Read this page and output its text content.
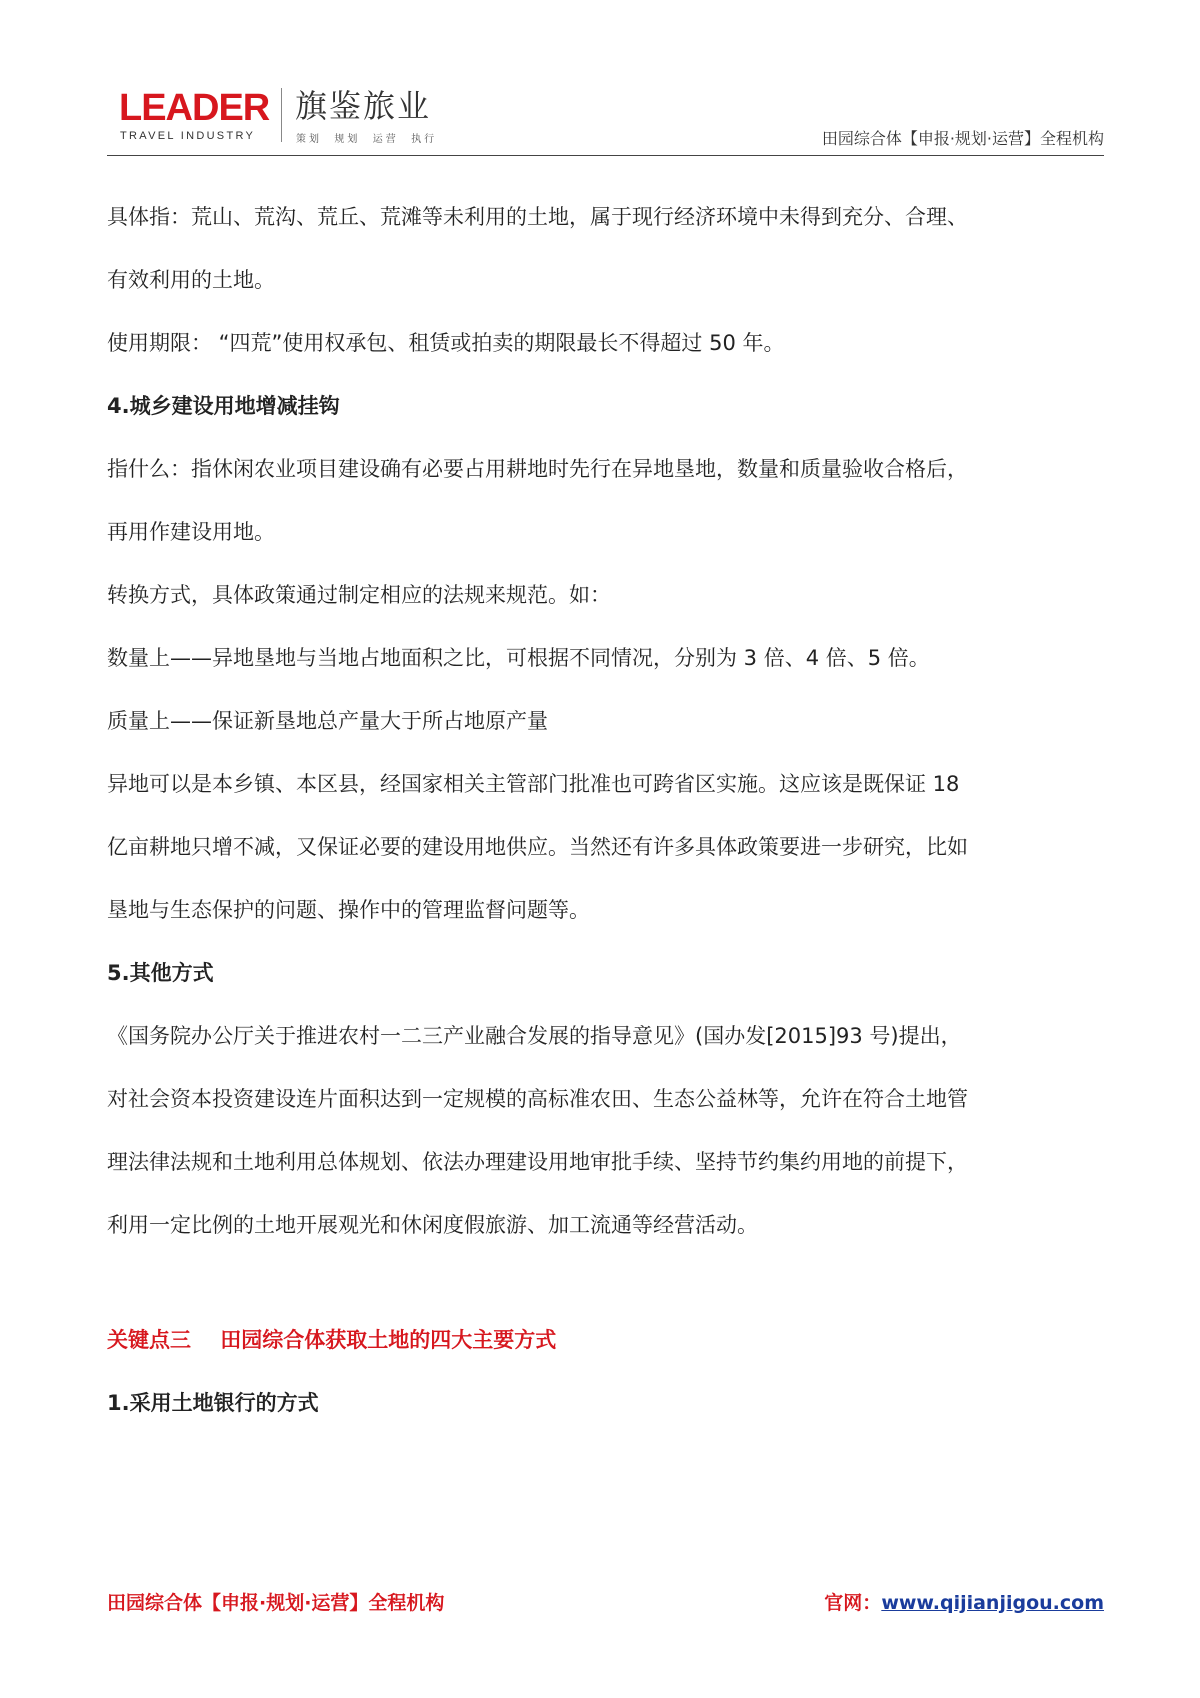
LEADER
TRAVEL INDUSTRY
旗鉴旅业
策划  规划  运营  执行	田园综合体【申报·规划·运营】全程机构

具体指：荒山、荒沟、荒丘、荒滩等未利用的土地，属于现行经济环境中未得到充分、合理、

有效利用的土地。

使用期限： “四荒”使用权承包、租赁或拍卖的期限最长不得超过 50 年。

4.城乡建设用地增减挂钩

指什么：指休闲农业项目建设确有必要占用耕地时先行在异地垦地，数量和质量验收合格后，

再用作建设用地。

转换方式，具体政策通过制定相应的法规来规范。如：

数量上——异地垦地与当地占地面积之比，可根据不同情况，分别为 3 倍、4 倍、5 倍。

质量上——保证新垦地总产量大于所占地原产量

异地可以是本乡镇、本区县，经国家相关主管部门批准也可跨省区实施。这应该是既保证 18

亿亩耕地只增不减，又保证必要的建设用地供应。当然还有许多具体政策要进一步研究，比如

垦地与生态保护的问题、操作中的管理监督问题等。

5.其他方式

《国务院办公厅关于推进农村一二三产业融合发展的指导意见》(国办发[2015]93 号)提出，

对社会资本投资建设连片面积达到一定规模的高标准农田、生态公益林等，允许在符合土地管

理法律法规和土地利用总体规划、依法办理建设用地审批手续、坚持节约集约用地的前提下，

利用一定比例的土地开展观光和休闲度假旅游、加工流通等经营活动。

关键点三    田园综合体获取土地的四大主要方式

1.采用土地银行的方式

田园综合体【申报·规划·运营】全程机构	官网：www.qijianjigou.com
